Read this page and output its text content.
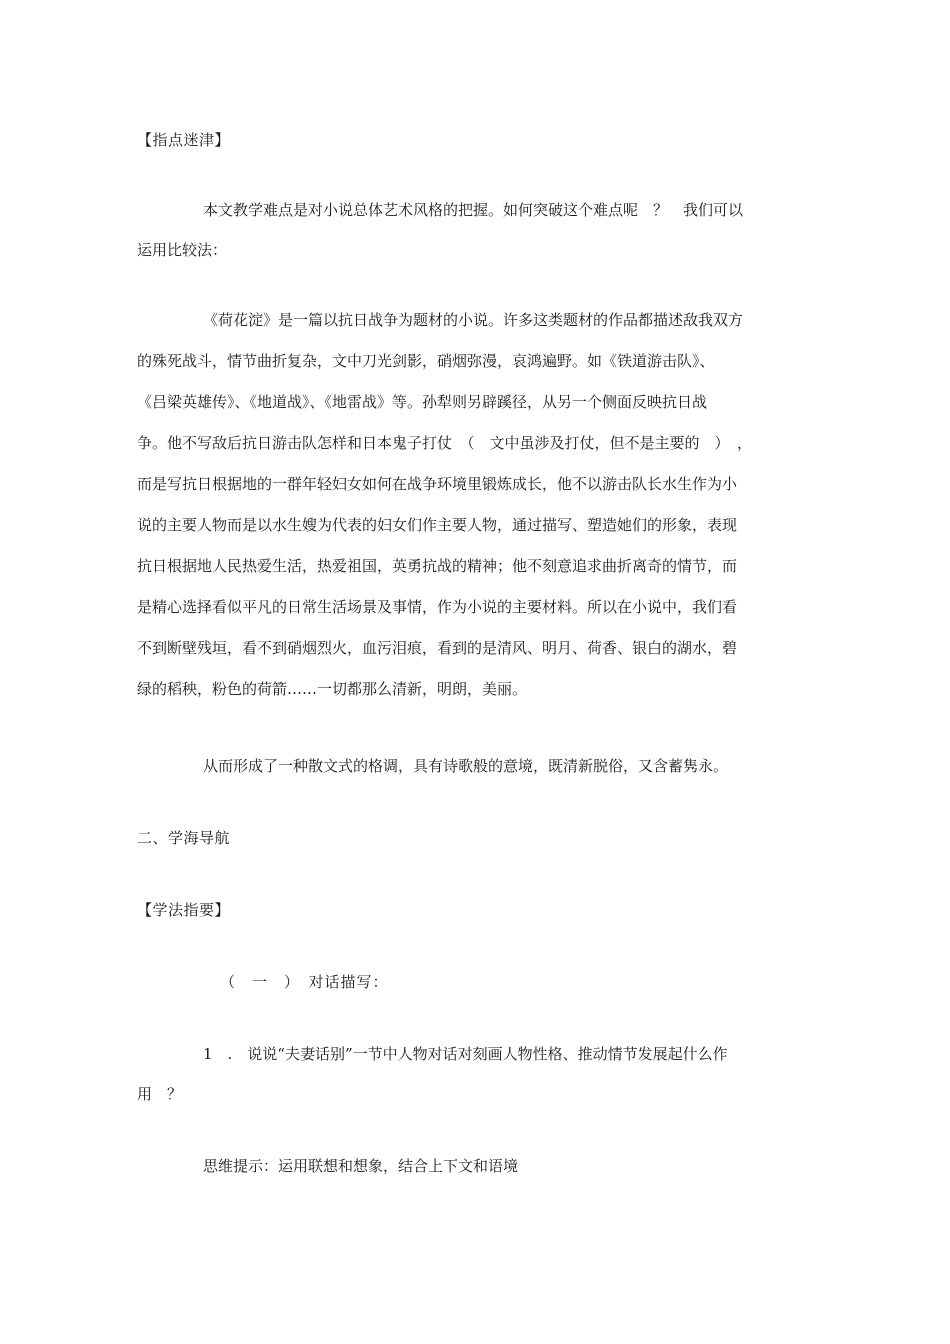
【指点迷津】

本文教学难点是对小说总体艺术风格的把握。如何突破这个难点呢　？　我们可以

运用比较法：

《荷花淀》是一篇以抗日战争为题材的小说。许多这类题材的作品都描述敌我双方
的殊死战斗，情节曲折复杂，文中刀光剑影，硝烟弥漫，哀鸿遍野。如《铁道游击队》、
《吕梁英雄传》、《地道战》、《地雷战》等。孙犁则另辟蹊径，从另一个侧面反映抗日战
争。他不写敌后抗日游击队怎样和日本鬼子打仗　（　文中虽涉及打仗，但不是主要的　）　，
而是写抗日根据地的一群年轻妇女如何在战争环境里锻炼成长，他不以游击队长水生作为小
说的主要人物而是以水生嫂为代表的妇女们作主要人物，通过描写、塑造她们的形象，表现
抗日根据地人民热爱生活，热爱祖国，英勇抗战的精神；他不刻意追求曲折离奇的情节，而
是精心选择看似平凡的日常生活场景及事情，作为小说的主要材料。所以在小说中，我们看
不到断壁残垣，看不到硝烟烈火，血污泪痕，看到的是清风、明月、荷香、银白的湖水，碧
绿的稻秧，粉色的荷箭……一切都那么清新，明朗，美丽。

从而形成了一种散文式的格调，具有诗歌般的意境，既清新脱俗，又含蓄隽永。

二、学海导航

【学法指要】

（　一　）　对话描写：

1　.　说说“夫妻话别”一节中人物对话对刻画人物性格、推动情节发展起什么作

用　？

思维提示：运用联想和想象，结合上下文和语境
